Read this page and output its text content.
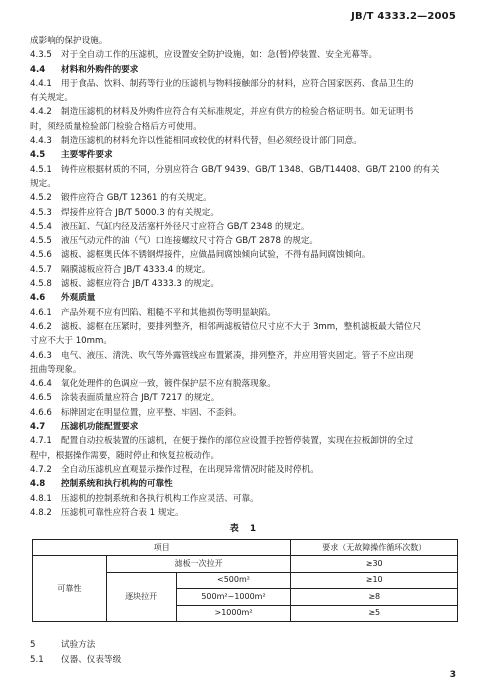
JB/T 4333.2—2005
成影响的保护设施。
4.3.5 对于全自动工作的压滤机，应设置安全防护设施，如：急(暂)停装置、安全光幕等。
4.4 材料和外购件的要求
4.4.1 用于食品、饮料、制药等行业的压滤机与物料接触部分的材料，应符合国家医药、食品卫生的
有关规定。
4.4.2 制造压滤机的材料及外购件应符合有关标准规定，并应有供方的检验合格证明书。如无证明书
时，须经质量检验部门检验合格后方可使用。
4.4.3 制造压滤机的材料允许以性能相同或较优的材料代替，但必须经设计部门同意。
4.5 主要零件要求
4.5.1 铸件应根据材质的不同，分别应符合 GB/T 9439、GB/T 1348、GB/T14408、GB/T 2100 的有关
规定。
4.5.2 锻件应符合 GB/T 12361 的有关规定。
4.5.3 焊接件应符合 JB/T 5000.3 的有关规定。
4.5.4 液压缸、气缸内径及活塞杆外径尺寸应符合 GB/T 2348 的规定。
4.5.5 液压气动元件的油（气）口连接螺纹尺寸符合 GB/T 2878 的规定。
4.5.6 滤板、滤框奥氏体不锈钢焊接件，应做晶间腐蚀倾向试验，不得有晶间腐蚀倾向。
4.5.7 隔膜滤板应符合 JB/T 4333.4 的规定。
4.5.8 滤板、滤框应符合 JB/T 4333.3 的规定。
4.6 外观质量
4.6.1 产品外观不应有凹陷、粗糙不平和其他损伤等明显缺陷。
4.6.2 滤板、滤框在压紧时，要排列整齐，相邻两滤板错位尺寸应不大于 3mm，整机滤板最大错位尺
寸应不大于 10mm。
4.6.3 电气、液压、清洗、吹气等外露管线应布置紧凑，排列整齐，并应用管夹固定。管子不应出现
扭曲等现象。
4.6.4 氧化处理件的色调应一致，镀件保护层不应有脱落现象。
4.6.5 涂装表面质量应符合 JB/T 7217 的规定。
4.6.6 标牌固定在明显位置，应平整、牢固、不歪斜。
4.7 压滤机功能配置要求
4.7.1 配置自动拉板装置的压滤机，在便于操作的部位应设置手控暂停装置，实现在拉板卸饼的全过
程中，根据操作需要，随时停止和恢复拉板动作。
4.7.2 全自动压滤机应直观显示操作过程，在出现异常情况时能及时停机。
4.8 控制系统和执行机构的可靠性
4.8.1 压滤机的控制系统和各执行机构工作应灵活、可靠。
4.8.2 压滤机可靠性应符合表 1 规定。
表 1
项目			要求（无故障操作循环次数）
可靠性	滤板一次拉开		≥30
	逐块拉开	<500m²	≥10
		500m²~1000m²	≥8
		>1000m²	≥5
5	试验方法
5.1 仪器、仪表等级
3
